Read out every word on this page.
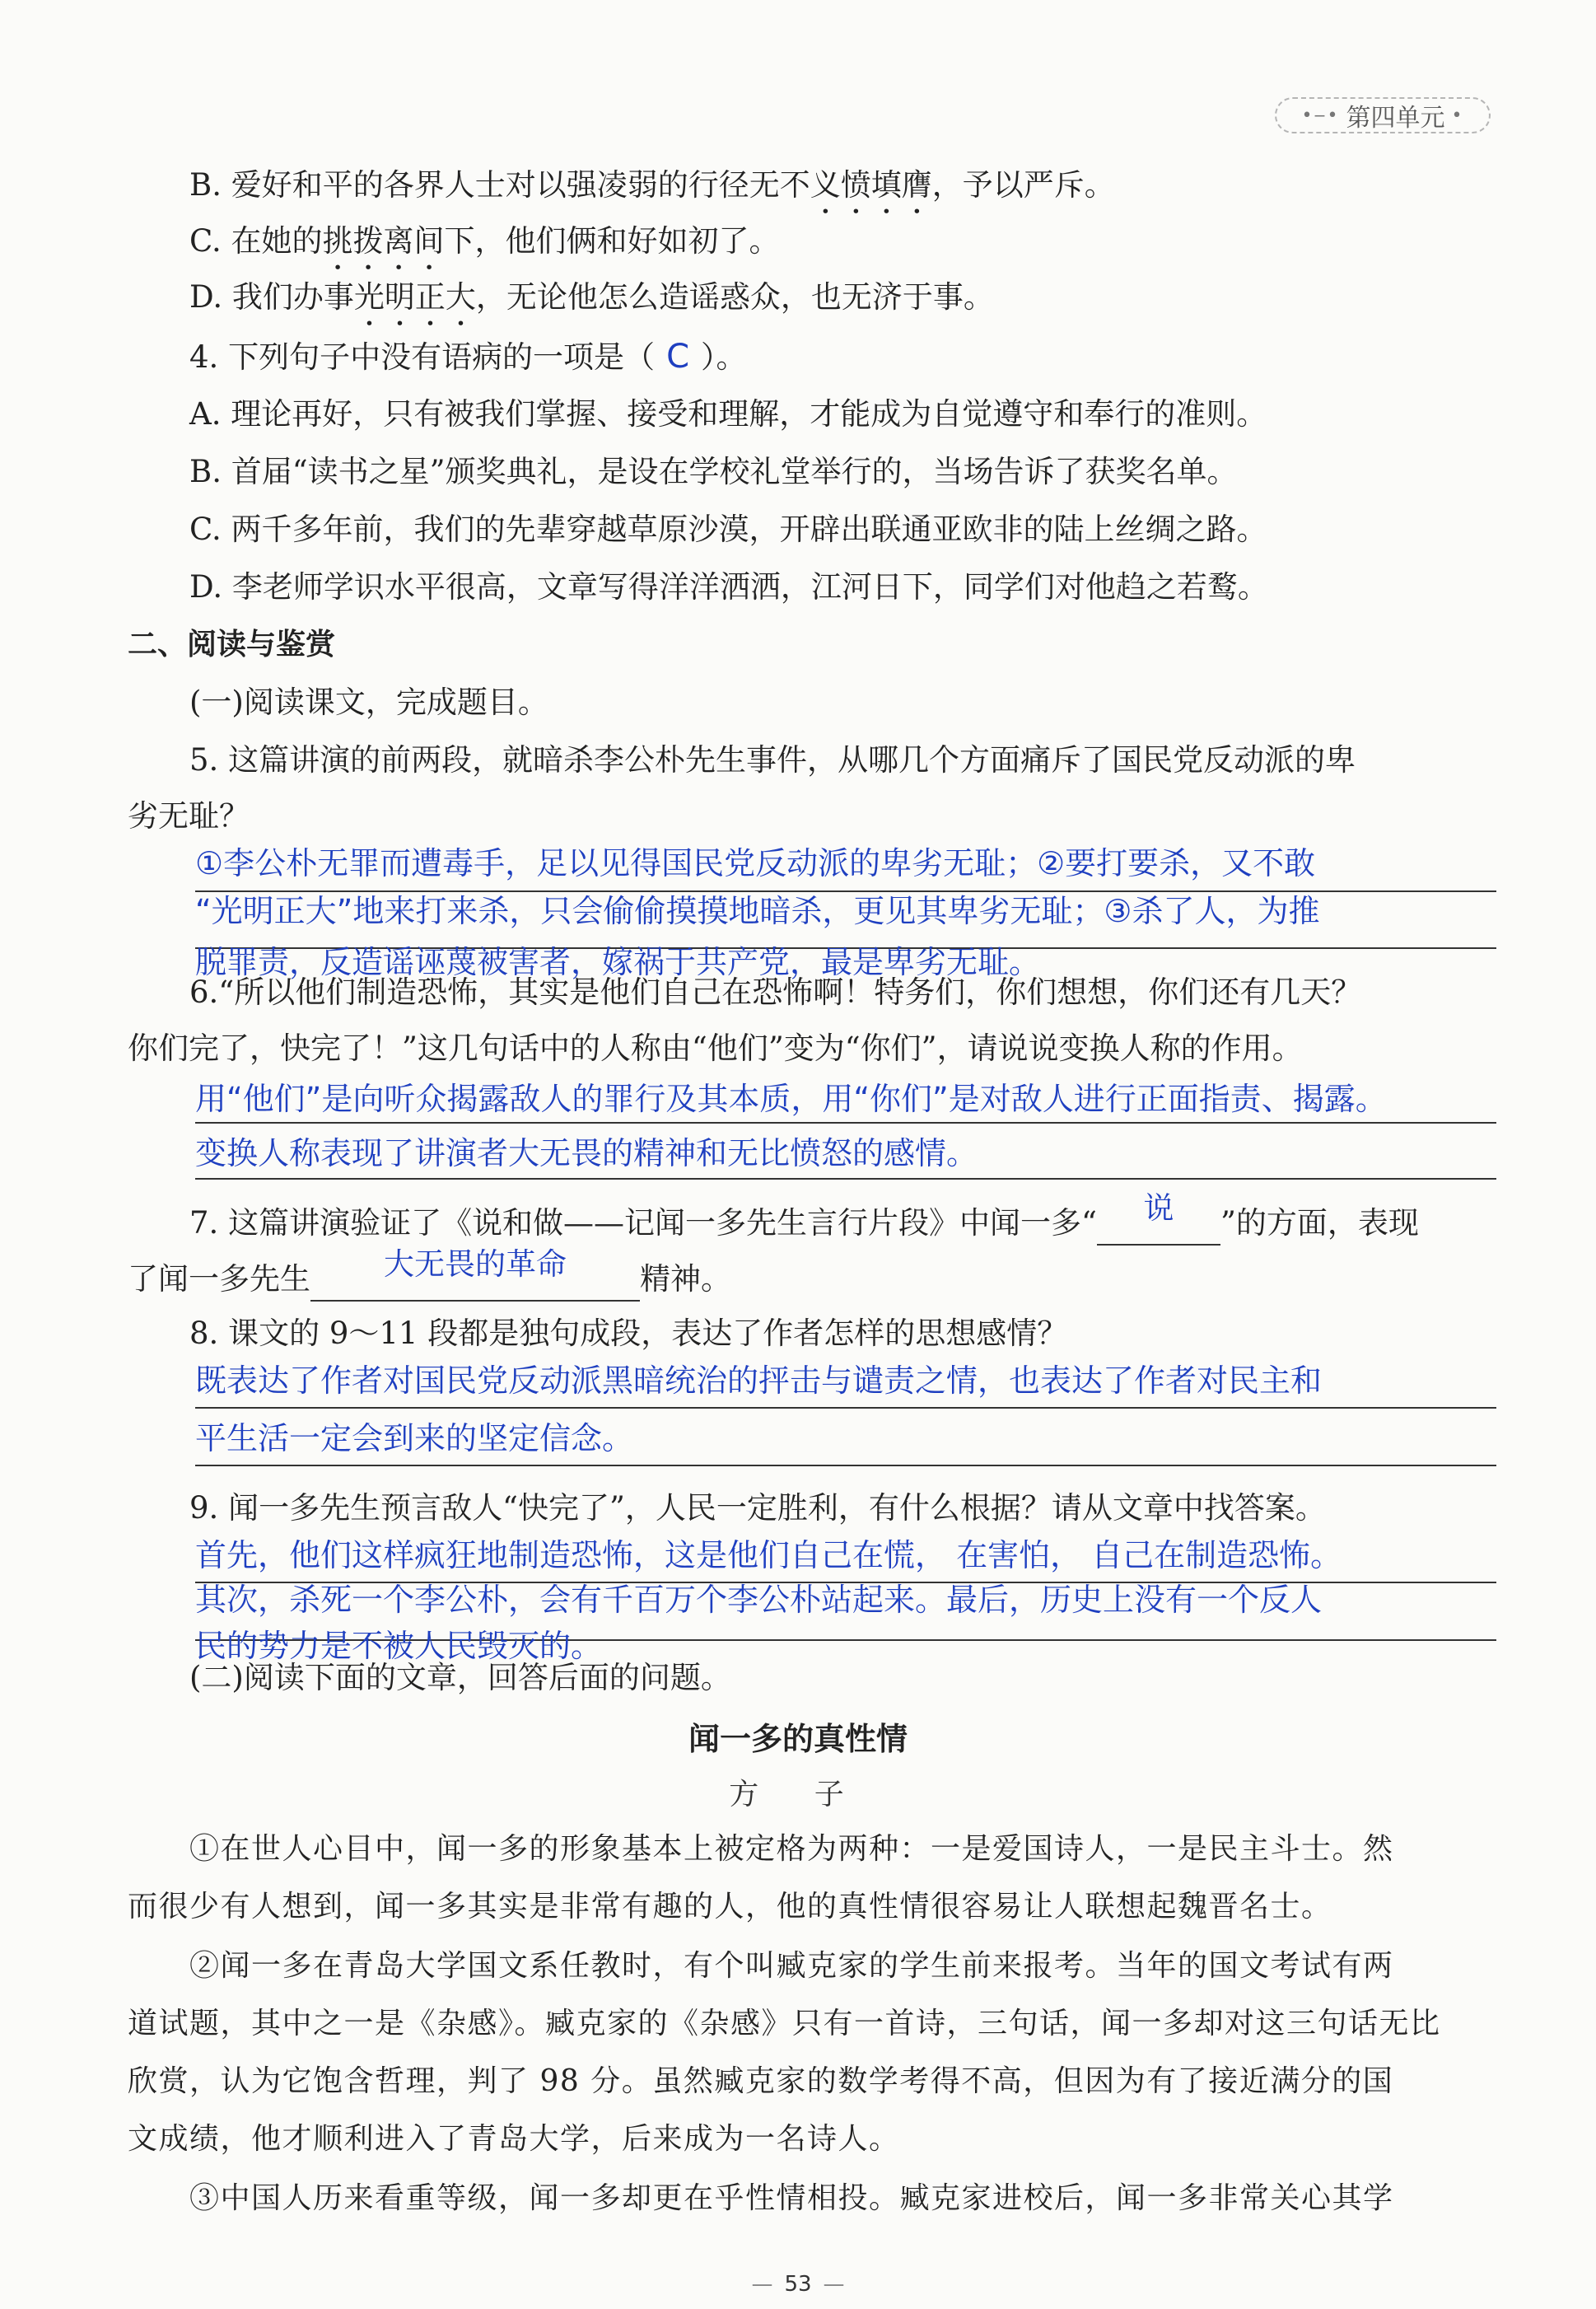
•‒• 第四单元 •
B. 爱好和平的各界人士对以强凌弱的行径无不义愤填膺，予以严斥。
C. 在她的挑拨离间下，他们俩和好如初了。
D. 我们办事光明正大，无论他怎么造谣惑众，也无济于事。
4. 下列句子中没有语病的一项是（ C ）。
A. 理论再好，只有被我们掌握、接受和理解，才能成为自觉遵守和奉行的准则。
B. 首届“读书之星”颁奖典礼，是设在学校礼堂举行的，当场告诉了获奖名单。
C. 两千多年前，我们的先辈穿越草原沙漠，开辟出联通亚欧非的陆上丝绸之路。
D. 李老师学识水平很高，文章写得洋洋洒洒，江河日下，同学们对他趋之若鹜。
二、阅读与鉴赏
(一)阅读课文，完成题目。
5. 这篇讲演的前两段，就暗杀李公朴先生事件，从哪几个方面痛斥了国民党反动派的卑
劣无耻？
①李公朴无罪而遭毒手，足以见得国民党反动派的卑劣无耻；②要打要杀，又不敢
“光明正大”地来打来杀，只会偷偷摸摸地暗杀，更见其卑劣无耻；③杀了人，为推
脱罪责，反造谣诬蔑被害者，嫁祸于共产党，最是卑劣无耻。
6.“所以他们制造恐怖，其实是他们自己在恐怖啊！特务们，你们想想，你们还有几天？
你们完了，快完了！”这几句话中的人称由“他们”变为“你们”，请说说变换人称的作用。
用“他们”是向听众揭露敌人的罪行及其本质，用“你们”是对敌人进行正面指责、揭露。
变换人称表现了讲演者大无畏的精神和无比愤怒的感情。
7. 这篇讲演验证了《说和做——记闻一多先生言行片段》中闻一多“ 说 ”的方面，表现
了闻一多先生 大无畏的革命 精神。
8. 课文的 9～11 段都是独句成段，表达了作者怎样的思想感情？
既表达了作者对国民党反动派黑暗统治的抨击与谴责之情，也表达了作者对民主和
平生活一定会到来的坚定信念。
9. 闻一多先生预言敌人“快完了”，人民一定胜利，有什么根据？请从文章中找答案。
首先，他们这样疯狂地制造恐怖，这是他们自己在慌， 在害怕， 自己在制造恐怖。
其次，杀死一个李公朴，会有千百万个李公朴站起来。最后，历史上没有一个反人
民的势力是不被人民毁灭的。
(二)阅读下面的文章，回答后面的问题。
闻一多的真性情
方 子
①在世人心目中，闻一多的形象基本上被定格为两种：一是爱国诗人，一是民主斗士。然
而很少有人想到，闻一多其实是非常有趣的人，他的真性情很容易让人联想起魏晋名士。
②闻一多在青岛大学国文系任教时，有个叫臧克家的学生前来报考。当年的国文考试有两
道试题，其中之一是《杂感》。臧克家的《杂感》只有一首诗，三句话，闻一多却对这三句话无比
欣赏，认为它饱含哲理，判了 98 分。虽然臧克家的数学考得不高，但因为有了接近满分的国
文成绩，他才顺利进入了青岛大学，后来成为一名诗人。
③中国人历来看重等级，闻一多却更在乎性情相投。臧克家进校后，闻一多非常关心其学
— 53 —
